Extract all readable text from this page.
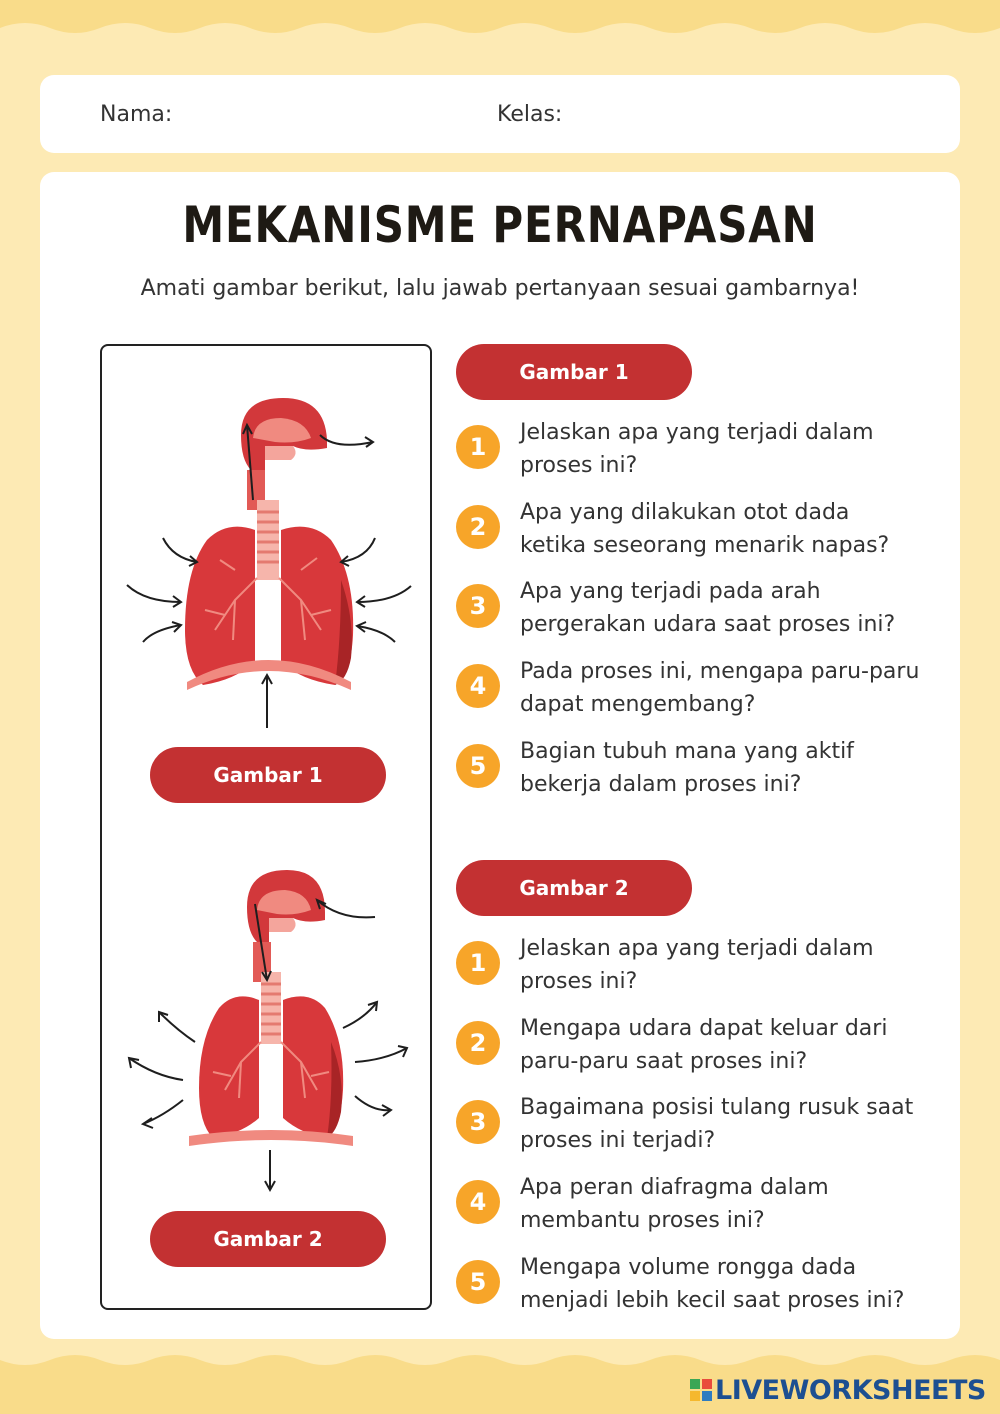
Nama:	Kelas:
MEKANISME PERNAPASAN
Amati gambar berikut, lalu jawab pertanyaan sesuai gambarnya!
Gambar 1
Gambar 2
Gambar 1
1
Jelaskan apa yang terjadi dalam proses ini?
2
Apa yang dilakukan otot dada ketika seseorang menarik napas?
3
Apa yang terjadi pada arah pergerakan udara saat proses ini?
4
Pada proses ini, mengapa paru-paru dapat mengembang?
5
Bagian tubuh mana yang aktif bekerja dalam proses ini?
Gambar 2
1
Jelaskan apa yang terjadi dalam proses ini?
2
Mengapa udara dapat keluar dari paru-paru saat proses ini?
3
Bagaimana posisi tulang rusuk saat proses ini terjadi?
4
Apa peran diafragma dalam membantu proses ini?
5
Mengapa volume rongga dada menjadi lebih kecil saat proses ini?
LIVEWORKSHEETS
